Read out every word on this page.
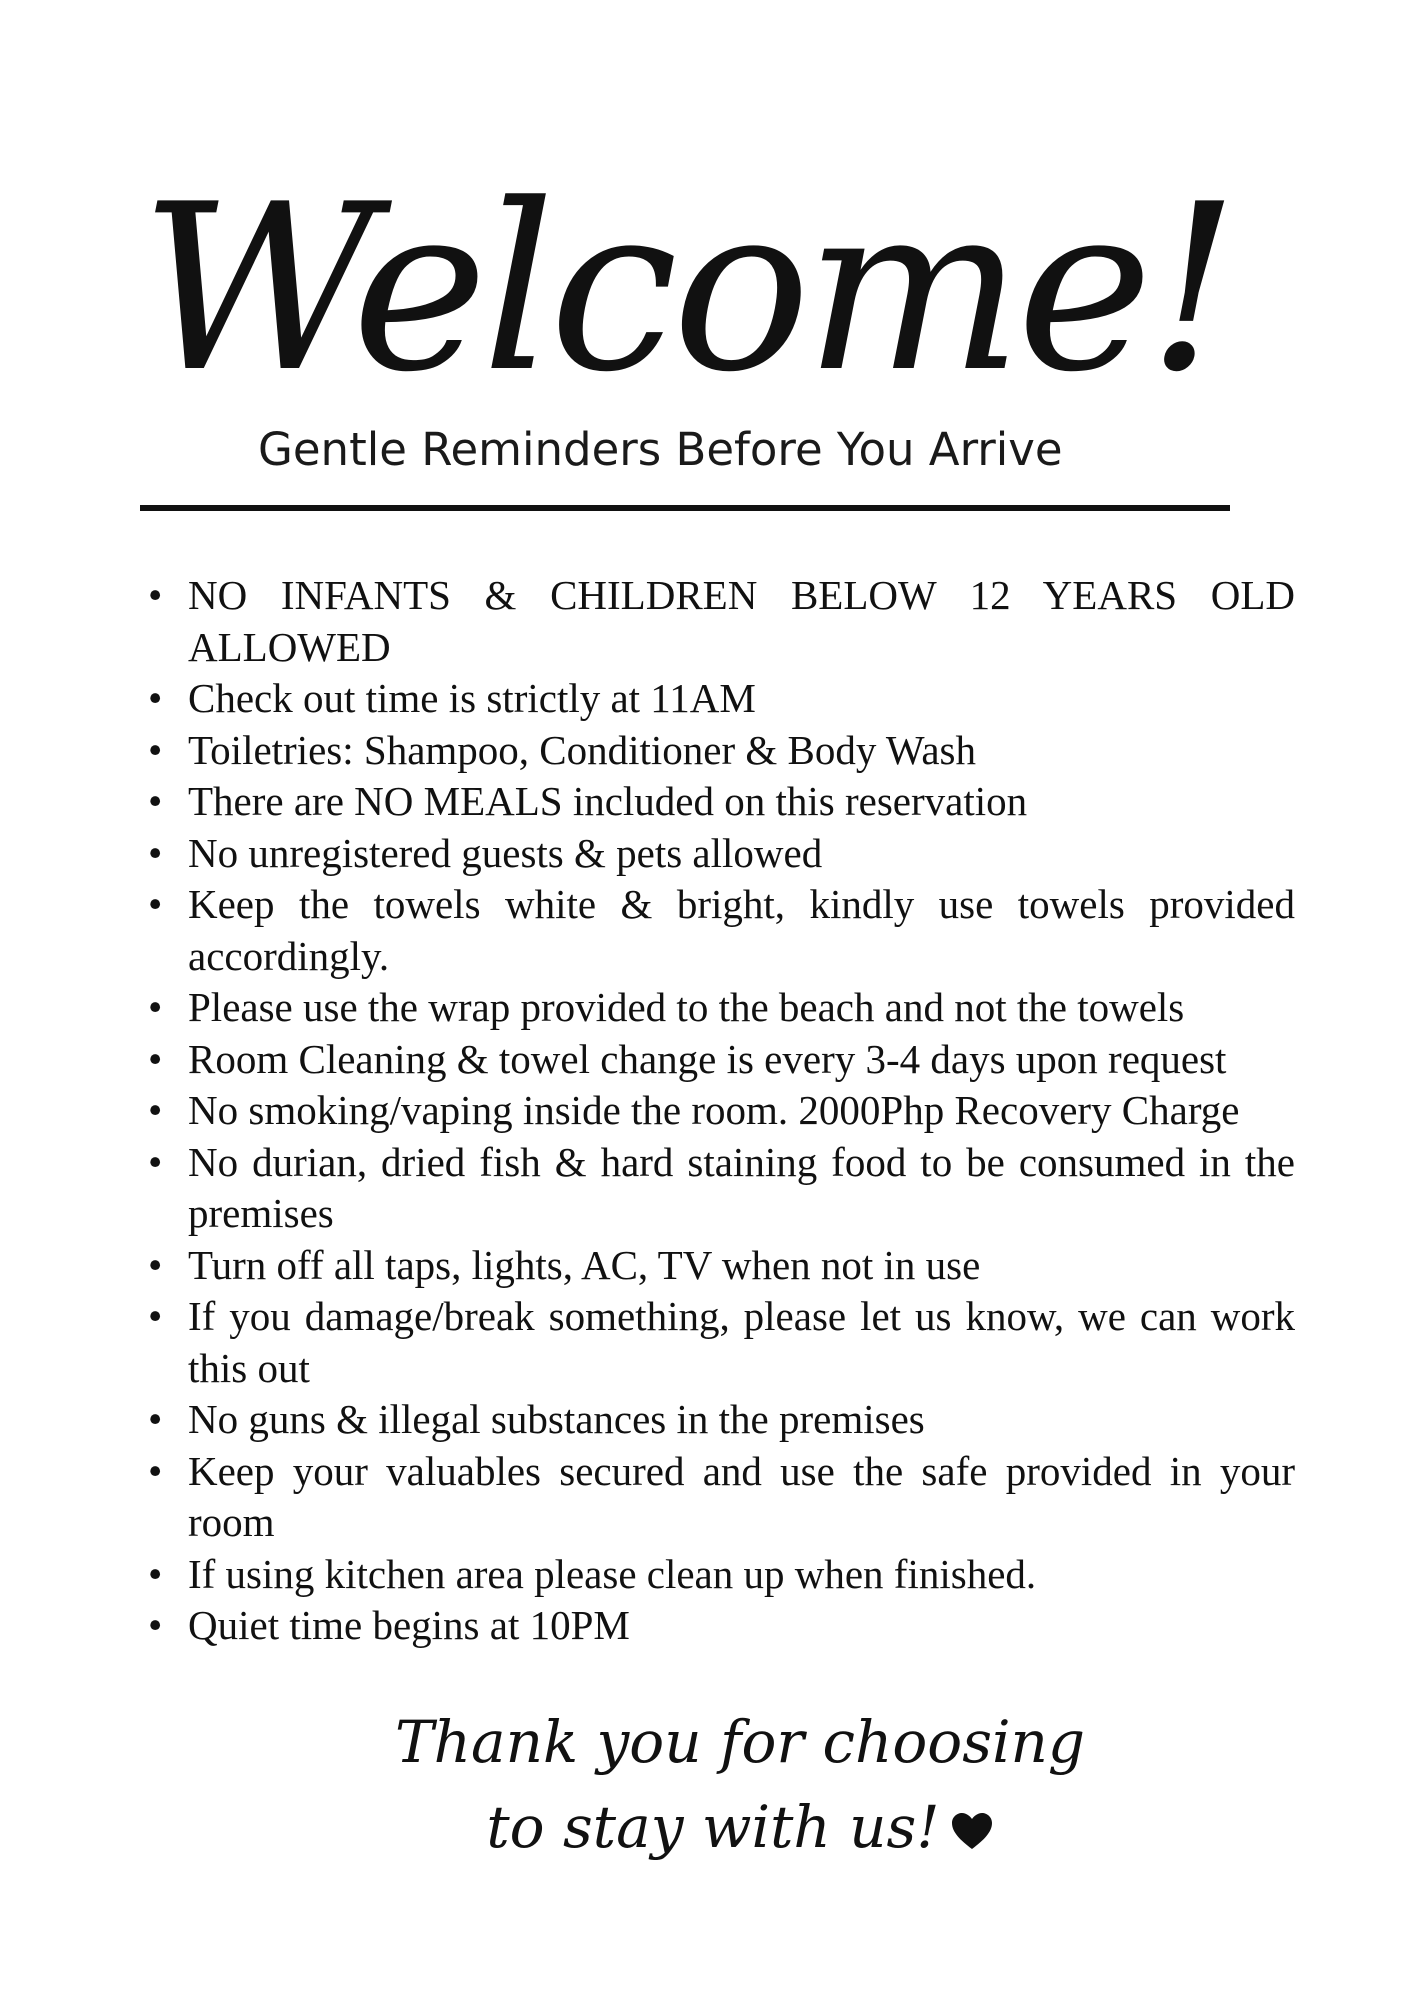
Welcome!
Gentle Reminders Before You Arrive
• NO INFANTS & CHILDREN BELOW 12 YEARS OLD ALLOWED
• Check out time is strictly at 11AM
• Toiletries: Shampoo, Conditioner & Body Wash
• There are NO MEALS included on this reservation
• No unregistered guests & pets allowed
• Keep the towels white & bright, kindly use towels provided accordingly.
• Please use the wrap provided to the beach and not the towels
• Room Cleaning & towel change is every 3-4 days upon request
• No smoking/vaping inside the room. 2000Php Recovery Charge
• No durian, dried fish & hard staining food to be consumed in the premises
• Turn off all taps, lights, AC, TV when not in use
• If you damage/break something, please let us know, we can work this out
• No guns & illegal substances in the premises
• Keep your valuables secured and use the safe provided in your room
• If using kitchen area please clean up when finished.
• Quiet time begins at 10PM
Thank you for choosing
to stay with us!
